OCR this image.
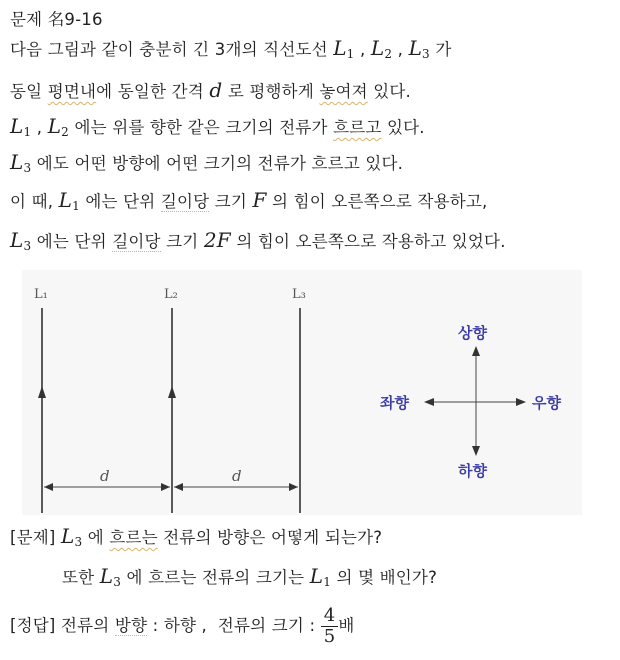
문제 名9-16
다음 그림과 같이 충분히 긴 3개의 직선도선 $L_1$ , $L_2$ , $L_3$ 가
동일 평면내에 동일한 간격 d 로 평행하게 놓여져 있다.
$L_1$ , $L_2$ 에는 위를 향한 같은 크기의 전류가 흐르고 있다.
$L_3$ 에도 어떤 방향에 어떤 크기의 전류가 흐르고 있다.
이 때, $L_1$ 에는 단위 길이당 크기 F 의 힘이 오른쪽으로 작용하고,
$L_3$ 에는 단위 길이당 크기 2F 의 힘이 오른쪽으로 작용하고 있었다.
L₁	L₂	L₃
d	d
상향
하향
좌향	우향
[문제] $L_3$ 에 흐르는 전류의 방향은 어떻게 되는가?
또한 $L_3$ 에 흐르는 전류의 크기는 $L_1$ 의 몇 배인가?
[정답] 전류의 방향 : 하향 , 전류의 크기 : $\frac{4}{5}$ 배
